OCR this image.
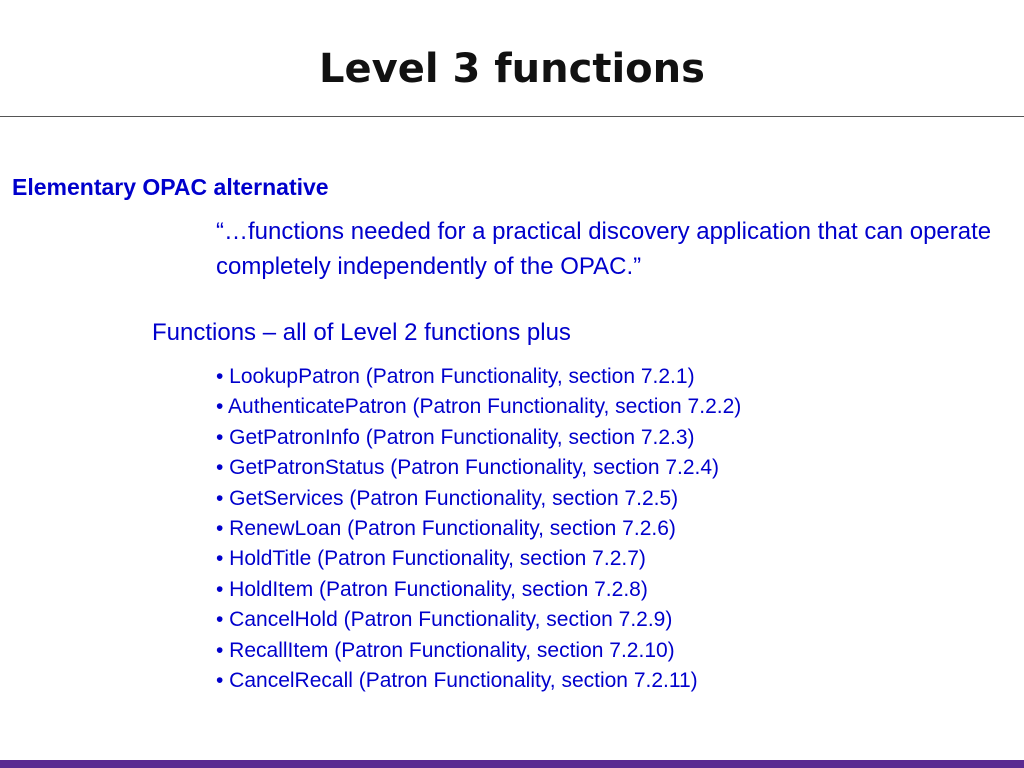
Level 3 functions
Elementary OPAC alternative

“…functions needed for a practical discovery application that can operate completely independently of the OPAC.”

Functions – all of Level 2 functions plus

• LookupPatron (Patron Functionality, section 7.2.1)
• AuthenticatePatron (Patron Functionality, section 7.2.2)
• GetPatronInfo (Patron Functionality, section 7.2.3)
• GetPatronStatus (Patron Functionality, section 7.2.4)
• GetServices (Patron Functionality, section 7.2.5)
• RenewLoan (Patron Functionality, section 7.2.6)
• HoldTitle (Patron Functionality, section 7.2.7)
• HoldItem (Patron Functionality, section 7.2.8)
• CancelHold (Patron Functionality, section 7.2.9)
• RecallItem (Patron Functionality, section 7.2.10)
• CancelRecall (Patron Functionality, section 7.2.11)
